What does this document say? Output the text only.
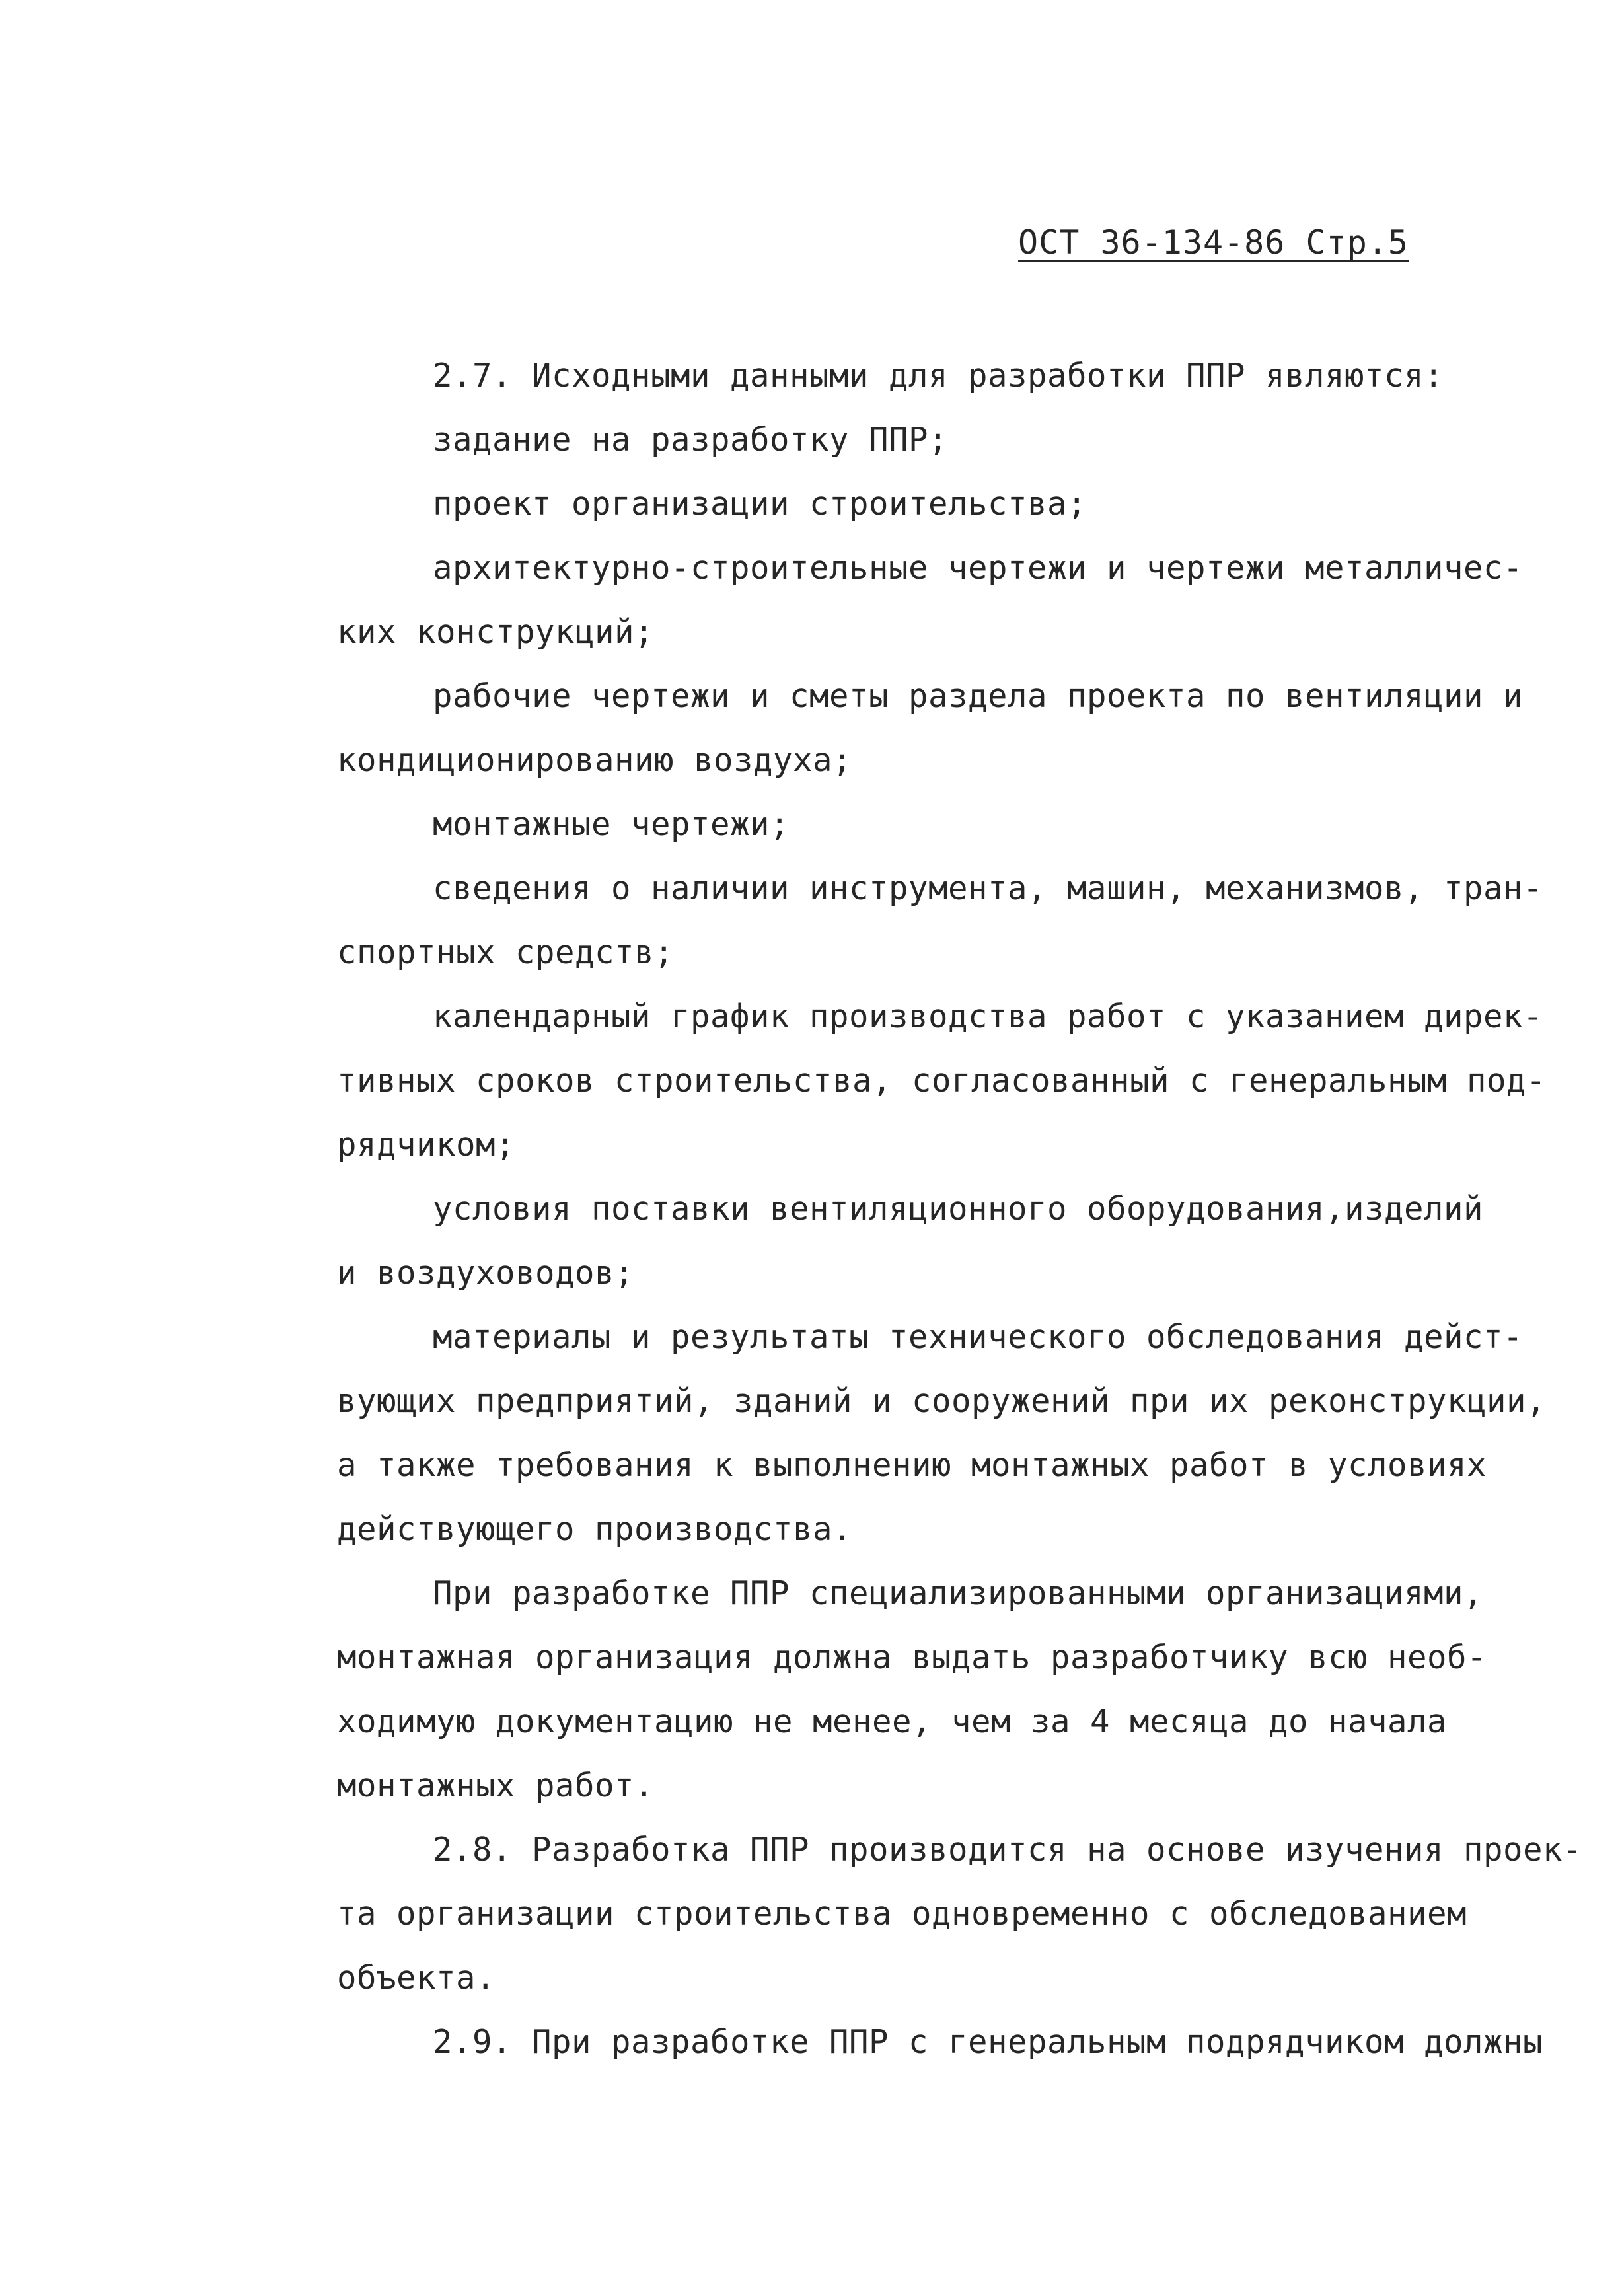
ОСТ 36-134-86 Стр.5
2.7. Исходными данными для разработки ППР являются:
задание на разработку ППР;
проект организации строительства;
архитектурно-строительные чертежи и чертежи металличес-
ких конструкций;
рабочие чертежи и сметы раздела проекта по вентиляции и
кондиционированию воздуха;
монтажные чертежи;
сведения о наличии инструмента, машин, механизмов, тран-
спортных средств;
календарный график производства работ с указанием дирек-
тивных сроков строительства, согласованный с генеральным под-
рядчиком;
условия поставки вентиляционного оборудования,изделий
и воздуховодов;
материалы и результаты технического обследования дейст-
вующих предприятий, зданий и сооружений при их реконструкции,
а также требования к выполнению монтажных работ в условиях
действующего производства.
При разработке ППР специализированными организациями,
монтажная организация должна выдать разработчику всю необ-
ходимую документацию не менее, чем за 4 месяца до начала
монтажных работ.
2.8. Разработка ППР производится на основе изучения проек-
та организации строительства одновременно с обследованием
объекта.
2.9. При разработке ППР с генеральным подрядчиком должны
